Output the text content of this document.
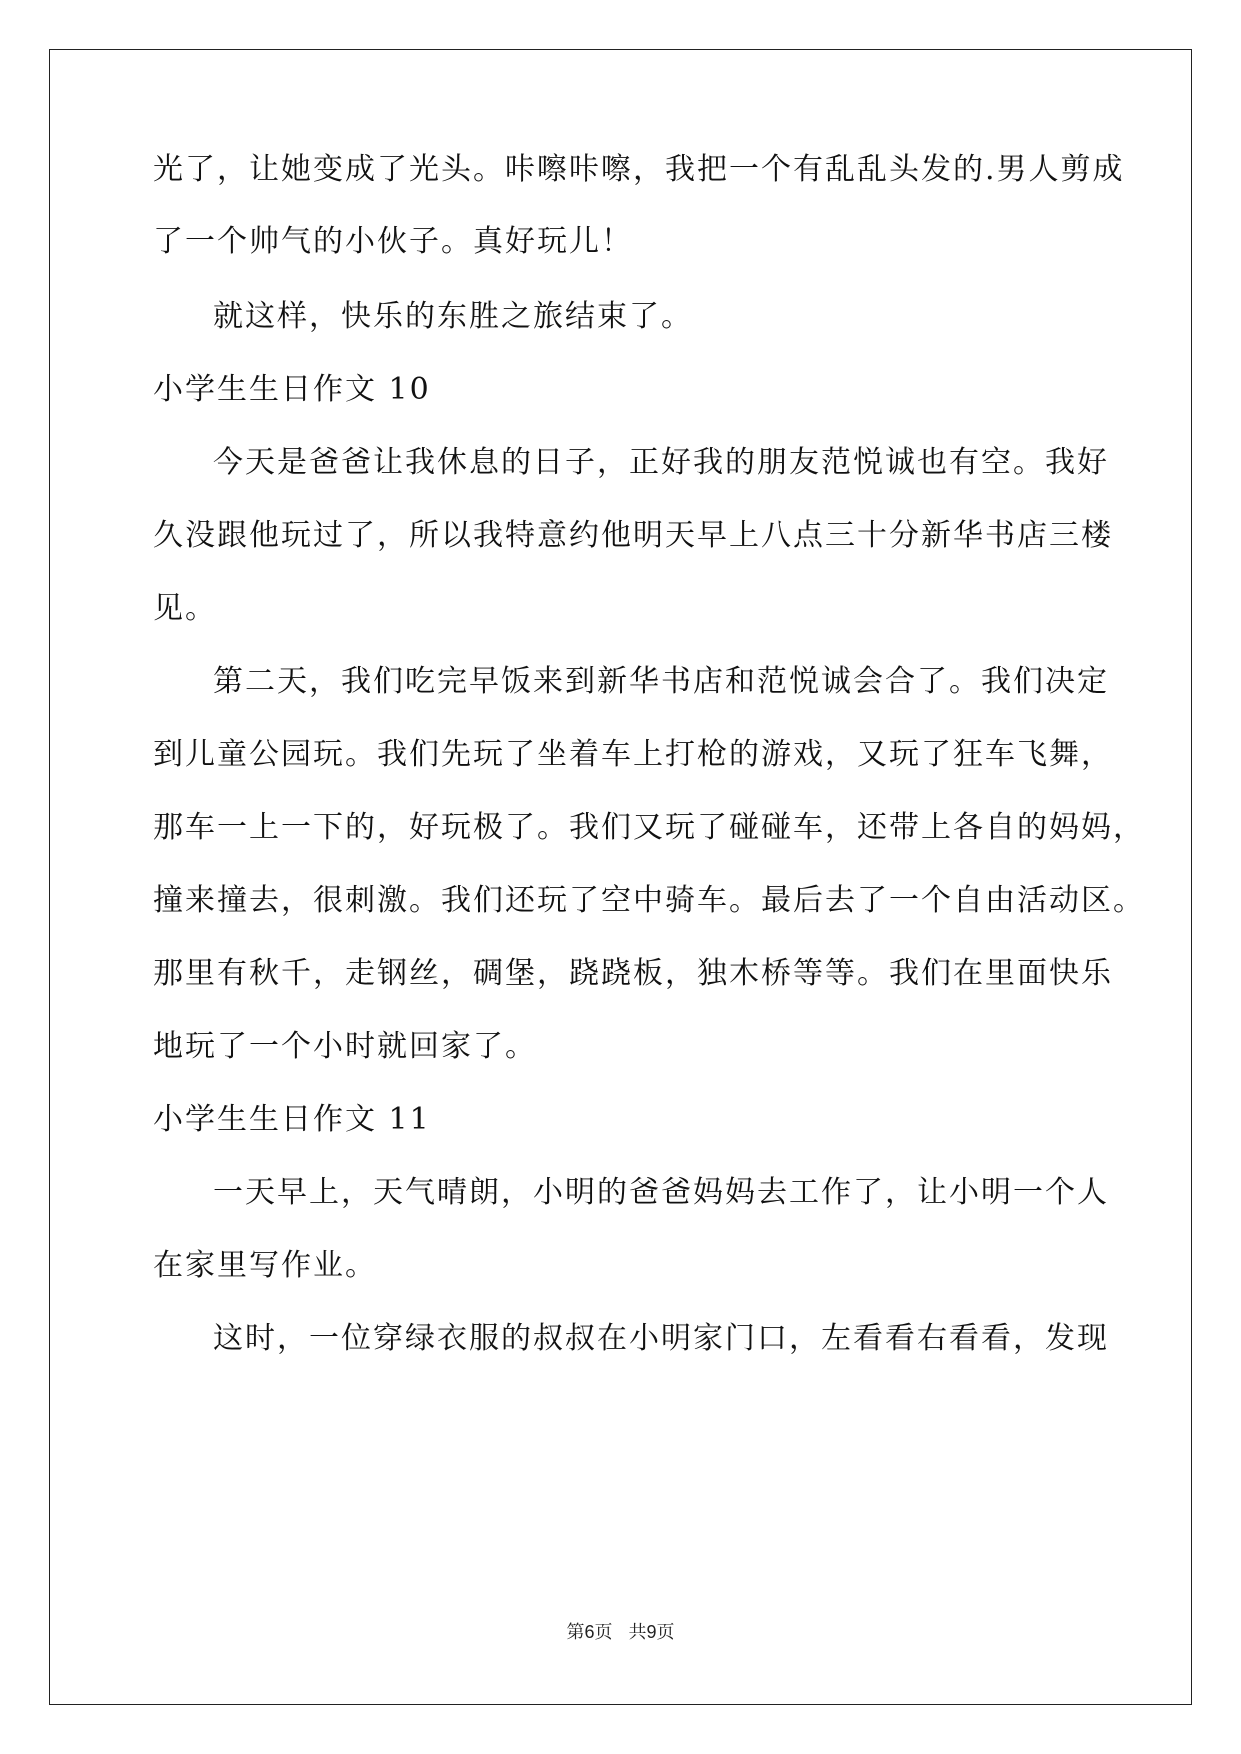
光了，让她变成了光头。咔嚓咔嚓，我把一个有乱乱头发的.男人剪成
了一个帅气的小伙子。真好玩儿！
就这样，快乐的东胜之旅结束了。
小学生生日作文 10
今天是爸爸让我休息的日子，正好我的朋友范悦诚也有空。我好
久没跟他玩过了，所以我特意约他明天早上八点三十分新华书店三楼
见。
第二天，我们吃完早饭来到新华书店和范悦诚会合了。我们决定
到儿童公园玩。我们先玩了坐着车上打枪的游戏，又玩了狂车飞舞，
那车一上一下的，好玩极了。我们又玩了碰碰车，还带上各自的妈妈，
撞来撞去，很刺激。我们还玩了空中骑车。最后去了一个自由活动区。
那里有秋千，走钢丝，碉堡，跷跷板，独木桥等等。我们在里面快乐
地玩了一个小时就回家了。
小学生生日作文 11
一天早上，天气晴朗，小明的爸爸妈妈去工作了，让小明一个人
在家里写作业。
这时，一位穿绿衣服的叔叔在小明家门口，左看看右看看，发现
第6页 共9页
